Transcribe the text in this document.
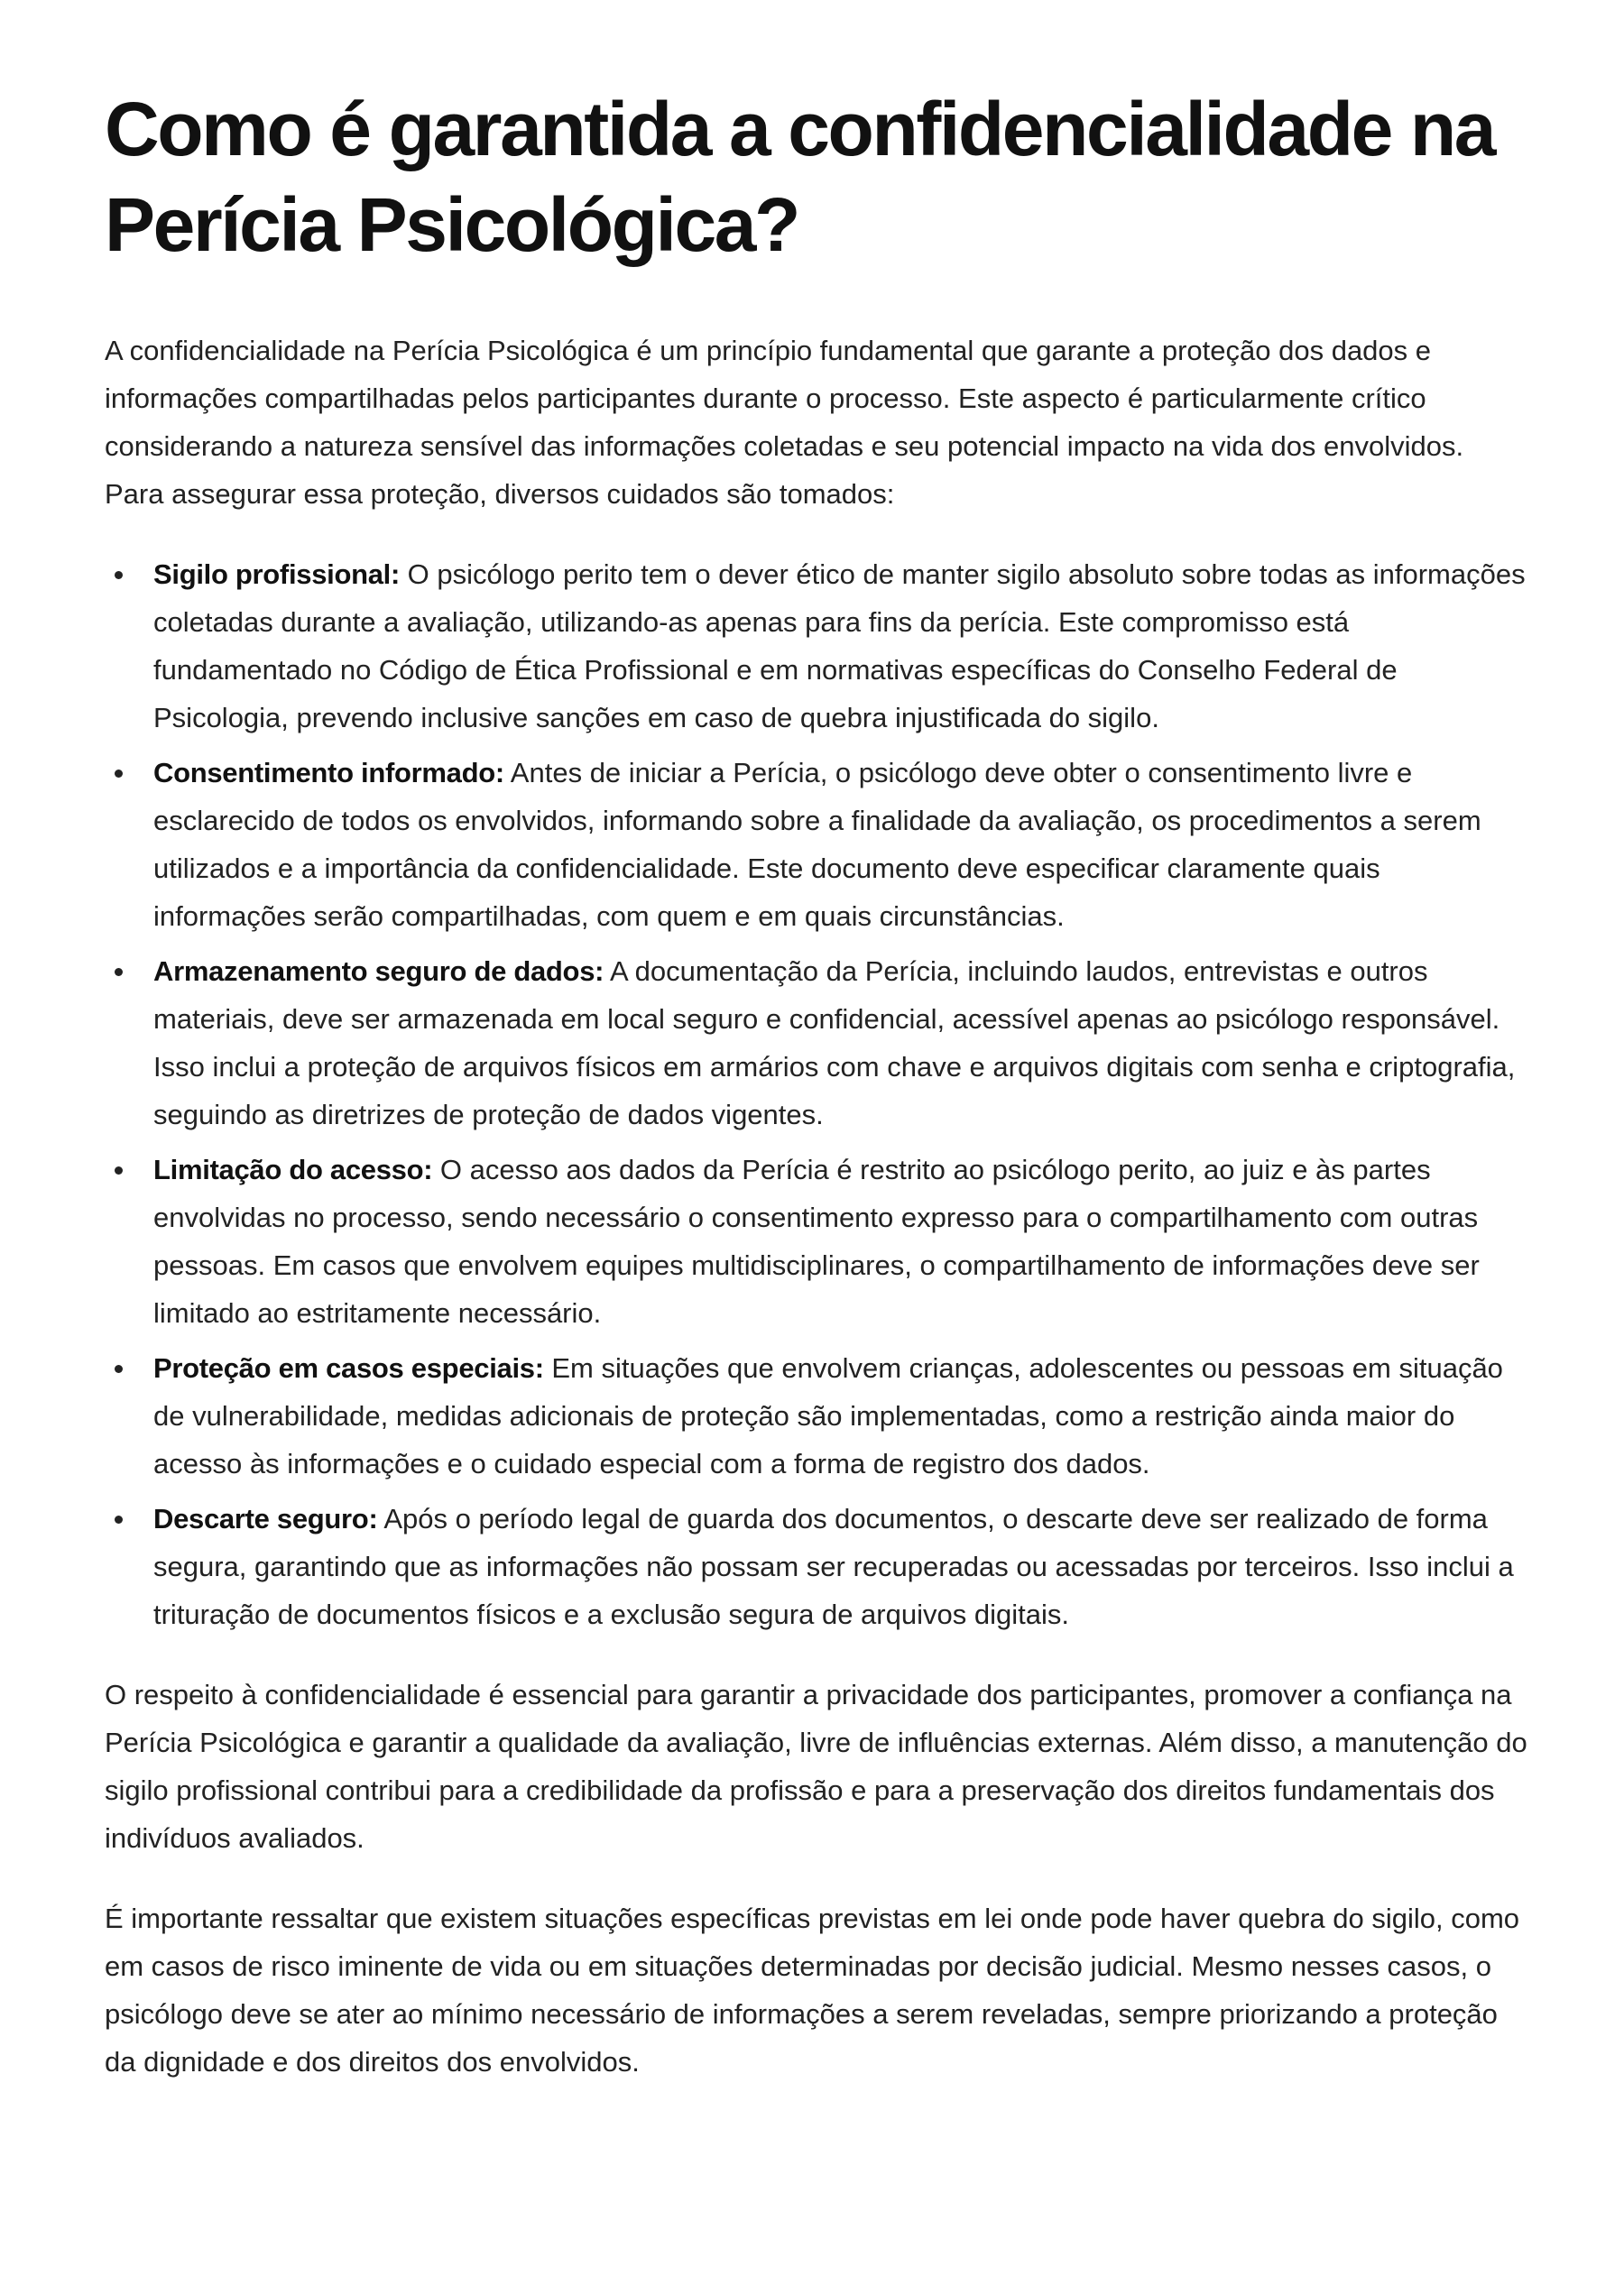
Como é garantida a confidencialidade na Perícia Psicológica?

A confidencialidade na Perícia Psicológica é um princípio fundamental que garante a proteção dos dados e informações compartilhadas pelos participantes durante o processo. Este aspecto é particularmente crítico considerando a natureza sensível das informações coletadas e seu potencial impacto na vida dos envolvidos. Para assegurar essa proteção, diversos cuidados são tomados:

Sigilo profissional: O psicólogo perito tem o dever ético de manter sigilo absoluto sobre todas as informações coletadas durante a avaliação, utilizando-as apenas para fins da perícia. Este compromisso está fundamentado no Código de Ética Profissional e em normativas específicas do Conselho Federal de Psicologia, prevendo inclusive sanções em caso de quebra injustificada do sigilo.
Consentimento informado: Antes de iniciar a Perícia, o psicólogo deve obter o consentimento livre e esclarecido de todos os envolvidos, informando sobre a finalidade da avaliação, os procedimentos a serem utilizados e a importância da confidencialidade. Este documento deve especificar claramente quais informações serão compartilhadas, com quem e em quais circunstâncias.
Armazenamento seguro de dados: A documentação da Perícia, incluindo laudos, entrevistas e outros materiais, deve ser armazenada em local seguro e confidencial, acessível apenas ao psicólogo responsável. Isso inclui a proteção de arquivos físicos em armários com chave e arquivos digitais com senha e criptografia, seguindo as diretrizes de proteção de dados vigentes.
Limitação do acesso: O acesso aos dados da Perícia é restrito ao psicólogo perito, ao juiz e às partes envolvidas no processo, sendo necessário o consentimento expresso para o compartilhamento com outras pessoas. Em casos que envolvem equipes multidisciplinares, o compartilhamento de informações deve ser limitado ao estritamente necessário.
Proteção em casos especiais: Em situações que envolvem crianças, adolescentes ou pessoas em situação de vulnerabilidade, medidas adicionais de proteção são implementadas, como a restrição ainda maior do acesso às informações e o cuidado especial com a forma de registro dos dados.
Descarte seguro: Após o período legal de guarda dos documentos, o descarte deve ser realizado de forma segura, garantindo que as informações não possam ser recuperadas ou acessadas por terceiros. Isso inclui a trituração de documentos físicos e a exclusão segura de arquivos digitais.

O respeito à confidencialidade é essencial para garantir a privacidade dos participantes, promover a confiança na Perícia Psicológica e garantir a qualidade da avaliação, livre de influências externas. Além disso, a manutenção do sigilo profissional contribui para a credibilidade da profissão e para a preservação dos direitos fundamentais dos indivíduos avaliados.

É importante ressaltar que existem situações específicas previstas em lei onde pode haver quebra do sigilo, como em casos de risco iminente de vida ou em situações determinadas por decisão judicial. Mesmo nesses casos, o psicólogo deve se ater ao mínimo necessário de informações a serem reveladas, sempre priorizando a proteção da dignidade e dos direitos dos envolvidos.
